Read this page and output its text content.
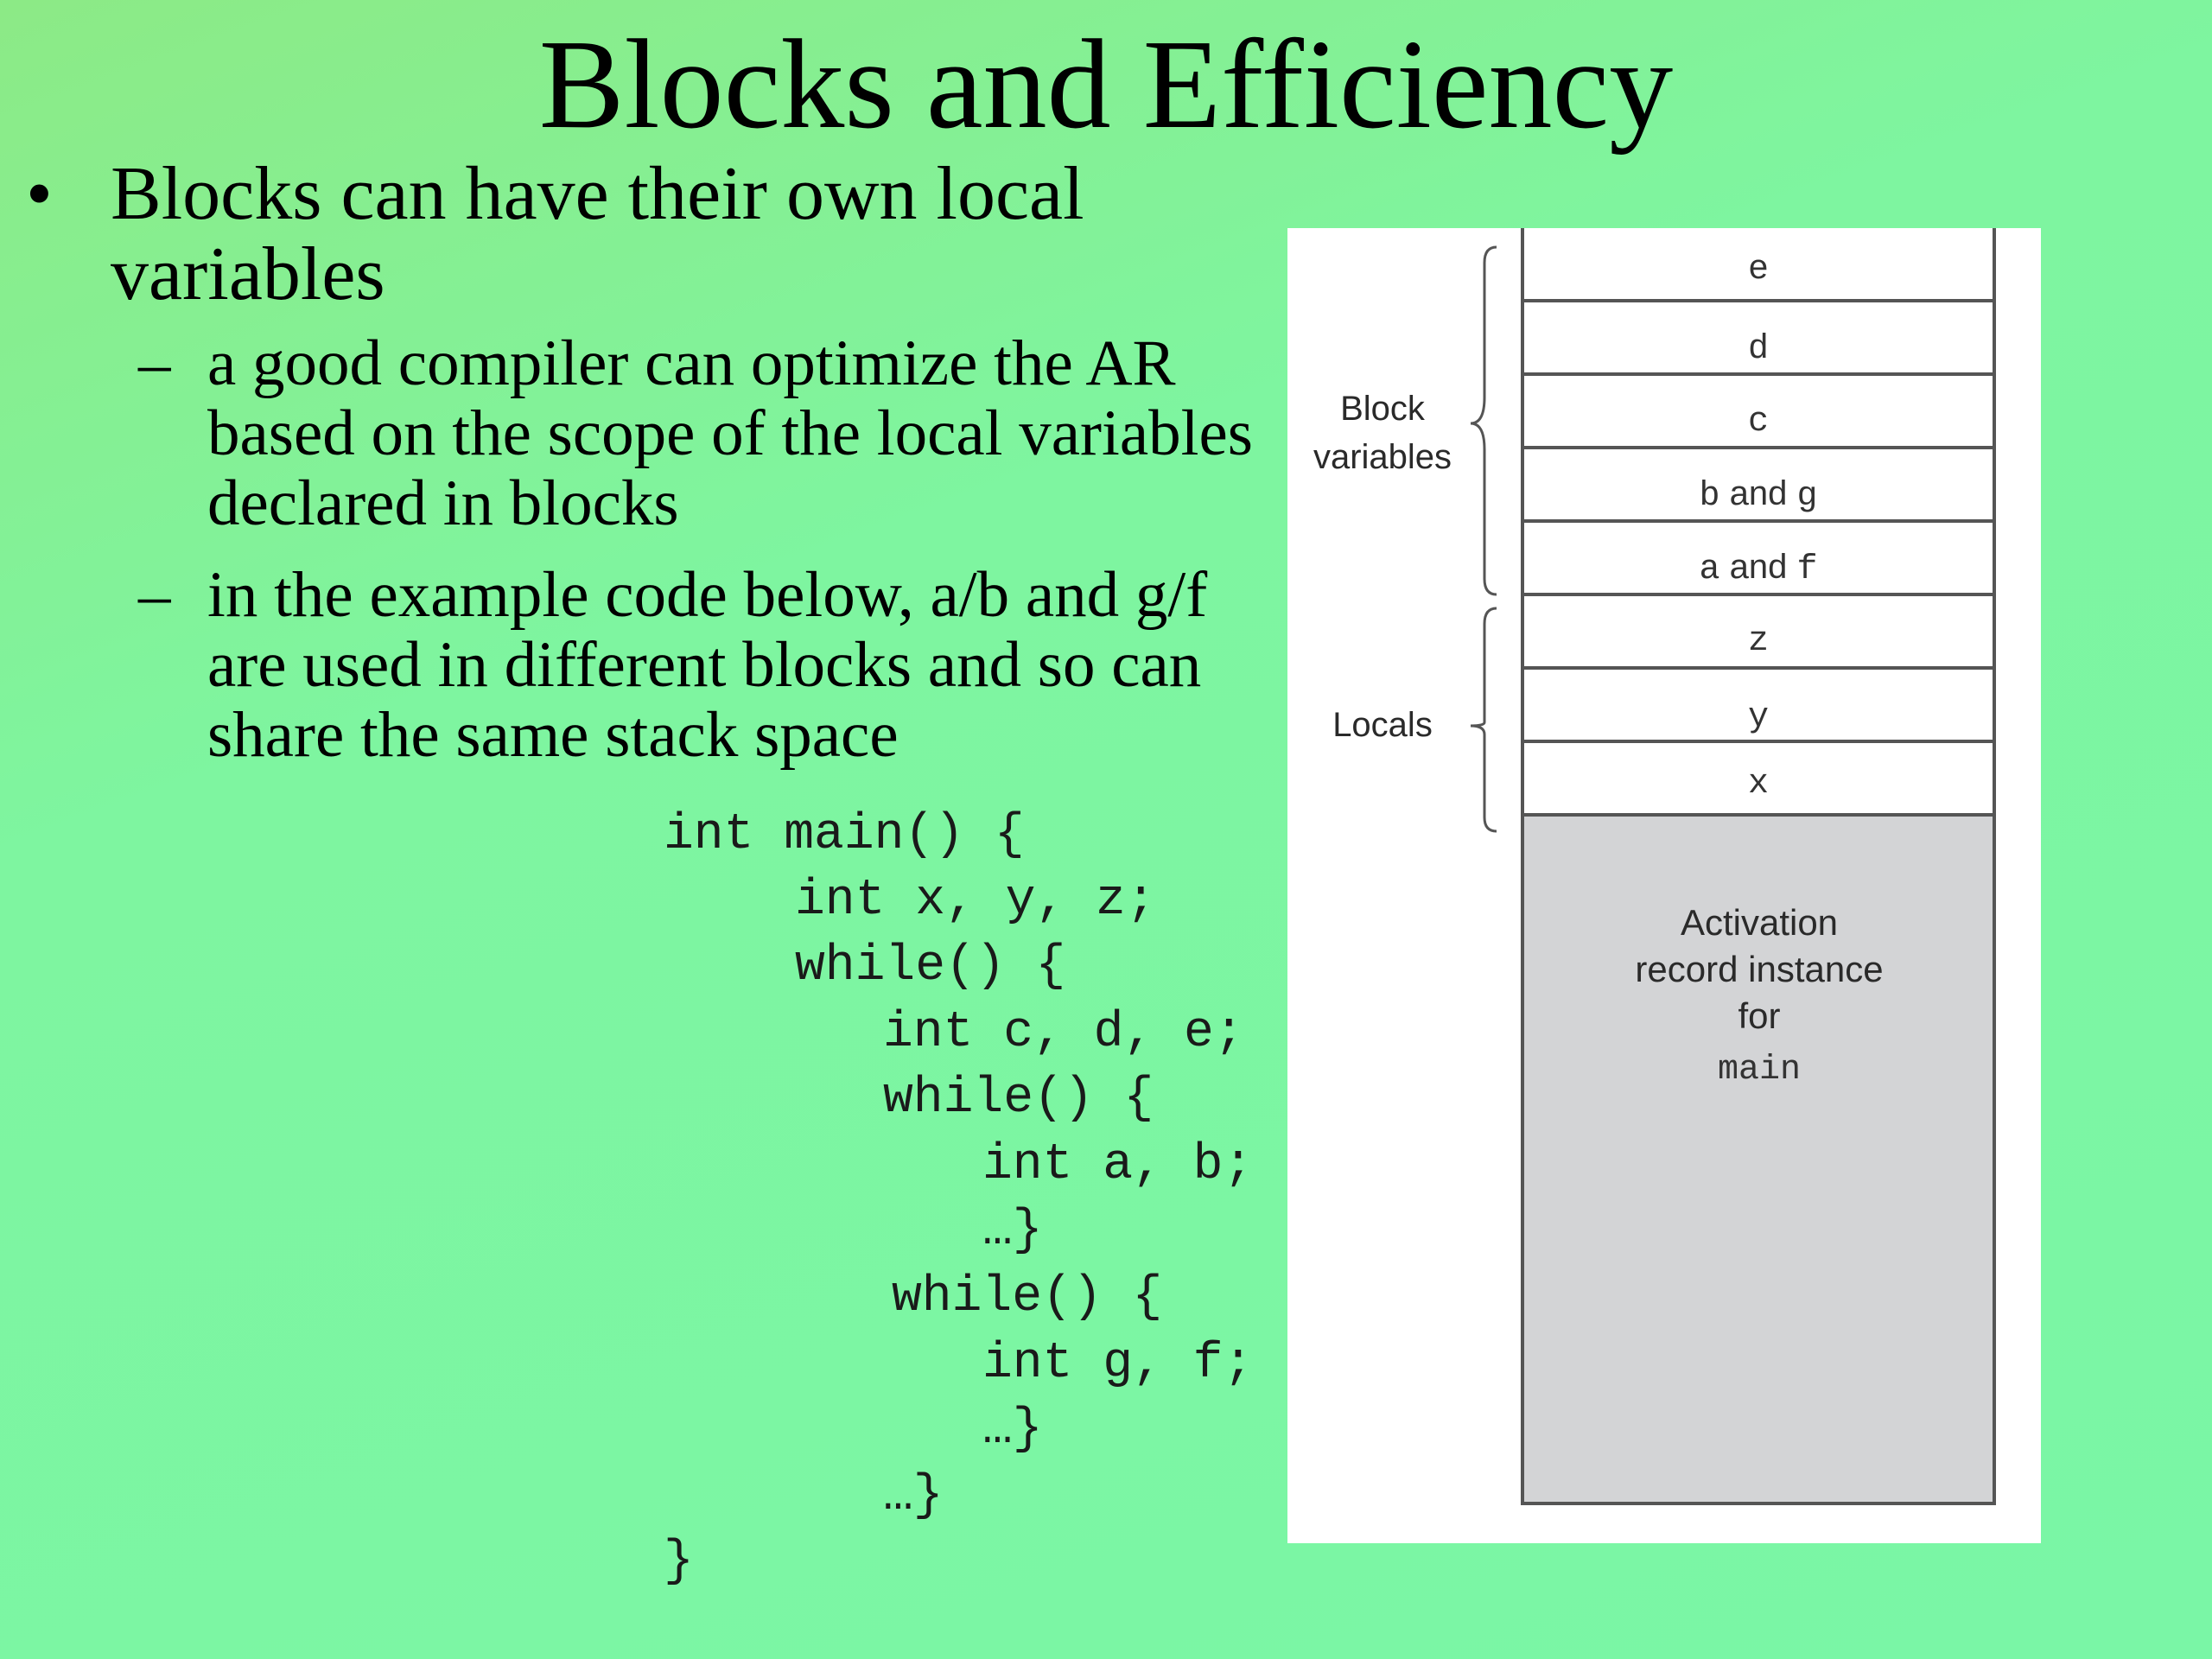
Blocks and Efficiency
• Blocks can have their own local variables
– a good compiler can optimize the AR based on the scope of the local variables declared in blocks
– in the example code below, a/b and g/f are used in different blocks and so can share the same stack space
int main() {
int x, y, z;
while() {
int c, d, e;
while() {
int a, b;
…}
while() {
int g, f;
…}
…}
}
e
d
c
b and g
a and f
z
y
x
Block
variables
Locals
Activation
record instance
for
main
